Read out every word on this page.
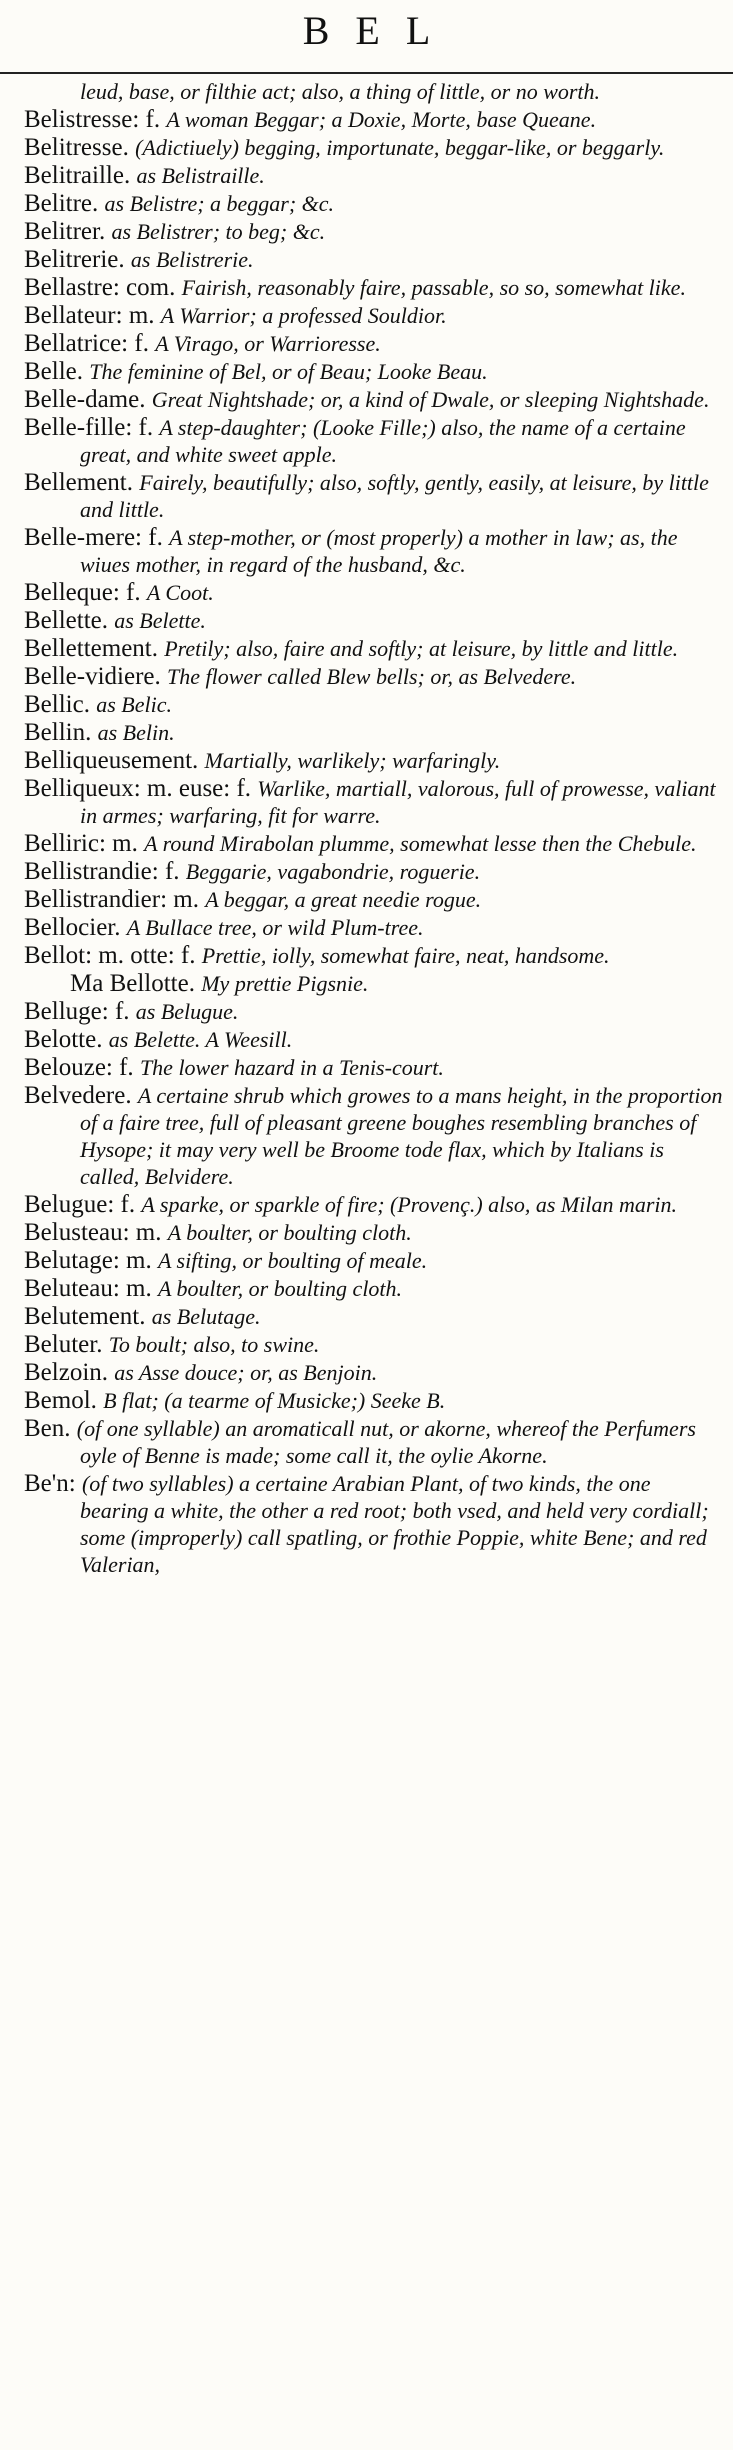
BEL
leud, base, or filthie act; also, a thing of little, or no worth.
Belistresse: f. A woman Beggar; a Doxie, Morte, base Queane.
Belitresse. (Adictiuely) begging, importunate, beggar-like, or beggarly.
Belitraille. as Belistraille.
Belitre. as Belistre; a beggar; &c.
Belitrer. as Belistrer; to beg; &c.
Belitrerie. as Belistrerie.
Bellastre: com. Fairish, reasonably faire, passable, so so, somewhat like.
Bellateur: m. A Warrior; a professed Souldior.
Bellatrice: f. A Virago, or Warrioresse.
Belle. The feminine of Bel, or of Beau; Looke Beau.
Belle-dame. Great Nightshade; or, a kind of Dwale, or sleeping Nightshade.
Belle-fille: f. A step-daughter; (Looke Fille;) also, the name of a certaine great, and white sweet apple.
Bellement. Fairely, beautifully; also, softly, gently, easily, at leisure, by little and little.
Belle-mere: f. A step-mother, or (most properly) a mother in law; as, the wiues mother, in regard of the husband, &c.
Belleque: f. A Coot.
Bellette. as Belette.
Bellettement. Pretily; also, faire and softly; at leisure, by little and little.
Belle-vidiere. The flower called Blew bells; or, as Belvedere.
Bellic. as Belic.
Bellin. as Belin.
Belliqueusement. Martially, warlikely; warfaringly.
Belliqueux: m. euse: f. Warlike, martiall, valorous, full of prowesse, valiant in armes; warfaring, fit for warre.
Belliric: m. A round Mirabolan plumme, somewhat lesse then the Chebule.
Bellistrandie: f. Beggarie, vagabondrie, roguerie.
Bellistrandier: m. A beggar, a great needie rogue.
Bellocier. A Bullace tree, or wild Plum-tree.
Bellot: m. otte: f. Prettie, iolly, somewhat faire, neat, handsome.
Ma Bellotte. My prettie Pigsnie.
Belluge: f. as Belugue.
Belotte. as Belette. A Weesill.
Belouze: f. The lower hazard in a Tenis-court.
Belvedere. A certaine shrub which growes to a mans height, in the proportion of a faire tree, full of pleasant greene boughes resembling branches of Hysope; it may very well be Broome tode flax, which by Italians is called, Belvidere.
Belugue: f. A sparke, or sparkle of fire; (Provenç.) also, as Milan marin.
Belusteau: m. A boulter, or boulting cloth.
Belutage: m. A sifting, or boulting of meale.
Beluteau: m. A boulter, or boulting cloth.
Belutement. as Belutage.
Beluter. To boult; also, to swine.
Belzoin. as Asse douce; or, as Benjoin.
Bemol. B flat; (a tearme of Musicke;) Seeke B.
Ben. (of one syllable) an aromaticall nut, or akorne, whereof the Perfumers oyle of Benne is made; some call it, the oylie Akorne.
Be'n: (of two syllables) a certaine Arabian Plant, of two kinds, the one bearing a white, the other a red root; both vsed, and held very cordiall; some (improperly) call spatling, or frothie Poppie, white Bene; and red Valerian,
